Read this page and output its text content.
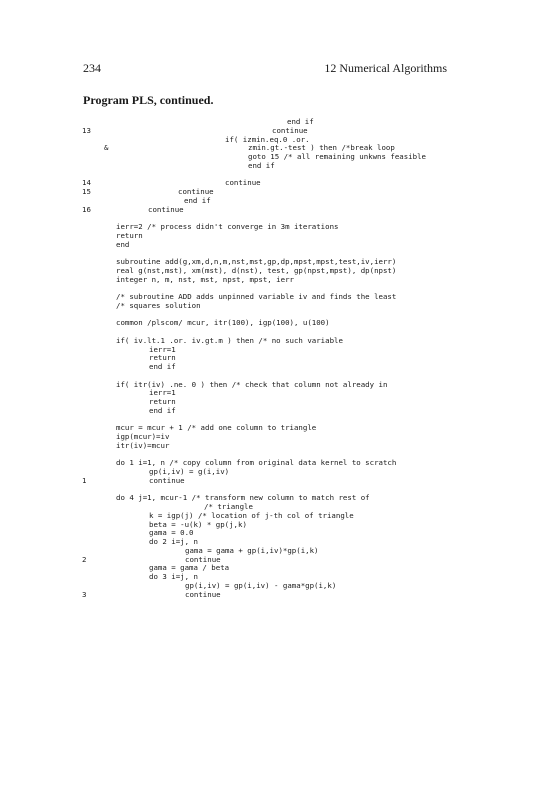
234	12 Numerical Algorithms
Program PLS, continued.
end if
13	continue
if( izmin.eq.0 .or.
&	zmin.gt.-test ) then /*break loop
goto 15 /* all remaining unkwns feasible
end if
14	continue
15	continue
end if
16	continue
ierr=2 /* process didn't converge in 3m iterations
return
end
subroutine add(g,xm,d,n,m,nst,mst,gp,dp,mpst,mpst,test,iv,ierr)
real g(nst,mst), xm(mst), d(nst), test, gp(npst,mpst), dp(npst)
integer n, m, nst, mst, npst, mpst, ierr
/* subroutine ADD adds unpinned variable iv and finds the least
/* squares solution
common /plscom/ mcur, itr(100), igp(100), u(100)
if( iv.lt.1 .or. iv.gt.m ) then /* no such variable
ierr=1
return
end if
if( itr(iv) .ne. 0 ) then /* check that column not already in
ierr=1
return
end if
mcur = mcur + 1 /* add one column to triangle
igp(mcur)=iv
itr(iv)=mcur
do 1 i=1, n /* copy column from original data kernel to scratch
gp(i,iv) = g(i,iv)
1	continue
do 4 j=1, mcur-1 /* transform new column to match rest of
/* triangle
k = igp(j) /* location of j-th col of triangle
beta = -u(k) * gp(j,k)
gama = 0.0
do 2 i=j, n
gama = gama + gp(i,iv)*gp(i,k)
2	continue
gama = gama / beta
do 3 i=j, n
gp(i,iv) = gp(i,iv) - gama*gp(i,k)
3	continue
